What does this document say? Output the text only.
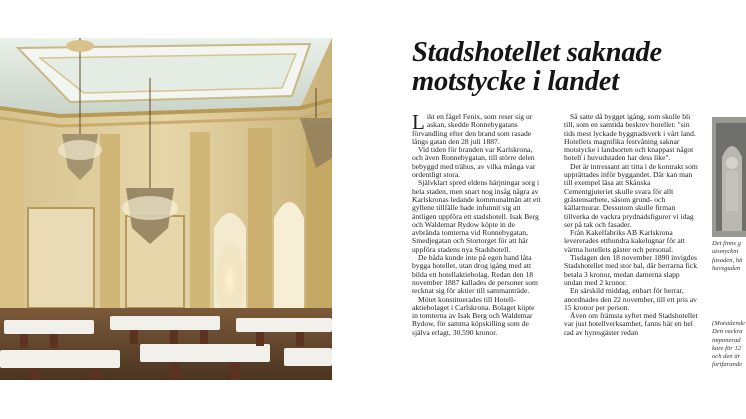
Stadshotellet saknade
motstycke i landet

Likt en fågel Fenix, som reser sig ur askan, skedde Ronnebygatans förvandling efter den brand som rasade långs gatan den 28 juli 1887.

Vid tiden för branden var Karlskrona, och även Ronnebygatan, till större delen bebyggd med trähus, av vilka många var ordentligt stora.

Självklart spred eldens härjningar sorg i hela staden, men snart nog insåg några av Karlskronas ledande kommunalmän att ett gyllene tillfälle hade infunnit sig att äntligen uppföra ett stadshotell. Isak Berg och Waldemar Rydow köpte in de avbrända tomterna vid Ronnebygatan, Smedjegatan och Stortorget för att här uppföra stadens nya Stadshotell.

De båda kunde inte på egen hand låta bygga hotellet, utan drog igång med att bilda ett hotellaktiebolag. Redan den 18 november 1887 kallades de personer som tecknat sig för aktier till sammanträde.

Mötet konstituerades till Hotell-aktiebolaget i Carlskrona. Bolaget köpte in tomterna av Isak Berg och Waldemar Rydow, för samma köpskilling som de själva erlagt, 30.590 kronor.

Så satte då bygget igång, som skulle bli till, som en samtida beskrev hotellet: "sin tids mest lyckade byggnadsverk i vårt land. Hotellets magnifika festvåning saknar motstycke i landsorten och knappast något hotell i huvudstaden har dess like".

Det är intressant att titta i de kontrakt som upprättades inför byggandet. Där kan man till exempel läsa att Skånska Cementgjuteriet skulle svara för allt gråstensarbete, såsom grund- och källarmurar. Dessutom skulle firman tillverka de vackra prydnadsfigurer vi idag ser på tak och fasader.

Från Kakelfabriks AB Karlskrona levererades etthundra kakelugnar för att värma hotellets gäster och personal.

Tisdagen den 18 november 1890 invigdes Stadshotellet med stor bal, där herrarna fick betala 3 kronor, medan damerna slapp undan med 2 kronor.

En särskild middag, enbart för herrar, anordnades den 22 november, till ett pris av 15 kronor per person.

Även om främsta syftet med Stadshotellet var just hotellverksamhet, fanns här en hel rad av hyresgäster redan

Det finns g
utsmyckni
fasaden, hä
havsguden
(Motstående
Den vackra
imponerad
kare för 12
och den är
fortfarande
